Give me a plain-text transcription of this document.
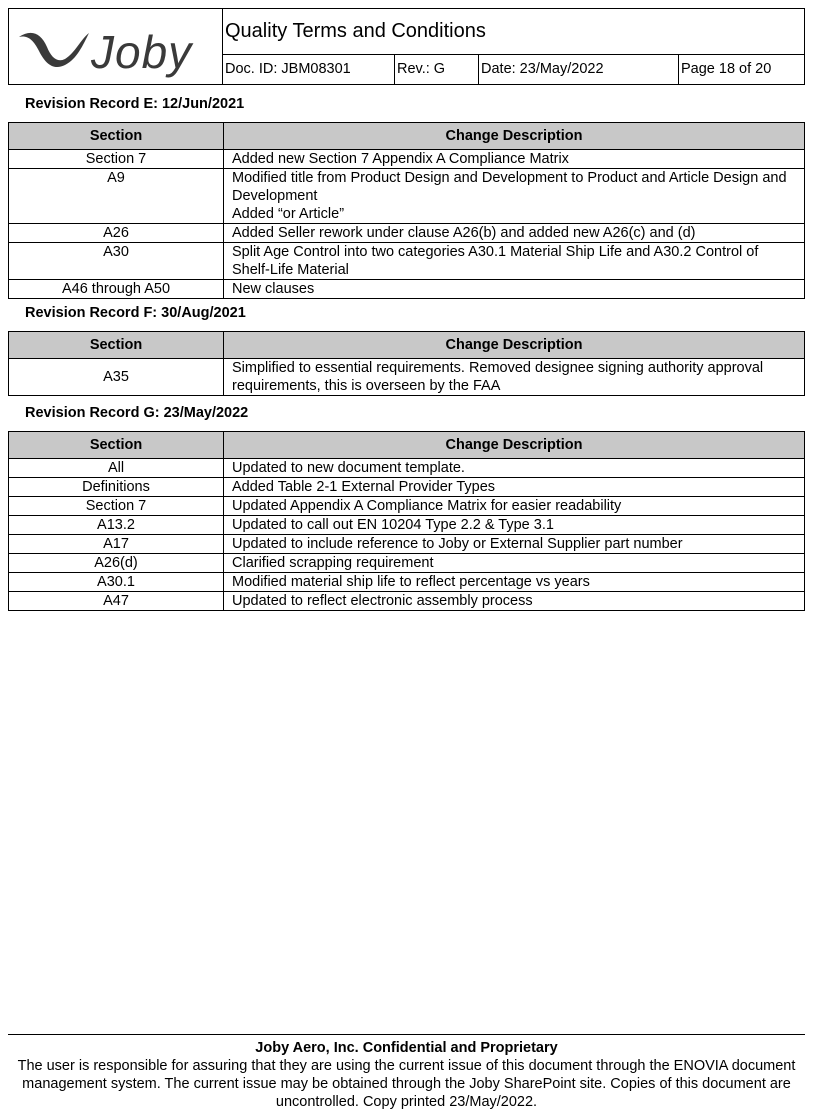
Joby Quality Terms and Conditions
Doc. ID: JBM08301	Rev.: G	Date: 23/May/2022	Page 18 of 20
Revision Record E: 12/Jun/2021
Section	Change Description
Section 7	Added new Section 7 Appendix A Compliance Matrix

A9	Modified title from Product Design and Development to Product and Article Design and Development
Added “or Article”

A26	Added Seller rework under clause A26(b) and added new A26(c) and (d)

A30	Split Age Control into two categories A30.1 Material Ship Life and A30.2 Control of Shelf-Life Material

A46 through A50	New clauses
Revision Record F: 30/Aug/2021
Section	Change Description
A35	Simplified to essential requirements. Removed designee signing authority approval requirements, this is overseen by the FAA
Revision Record G: 23/May/2022
Section	Change Description
All	Updated to new document template.

Definitions	Added Table 2-1 External Provider Types

Section 7	Updated Appendix A Compliance Matrix for easier readability

A13.2	Updated to call out EN 10204 Type 2.2 & Type 3.1

A17	Updated to include reference to Joby or External Supplier part number

A26(d)	Clarified scrapping requirement

A30.1	Modified material ship life to reflect percentage vs years

A47	Updated to reflect electronic assembly process
Joby Aero, Inc. Confidential and Proprietary
The user is responsible for assuring that they are using the current issue of this document through the ENOVIA document management system. The current issue may be obtained through the Joby SharePoint site. Copies of this document are uncontrolled. Copy printed 23/May/2022.
